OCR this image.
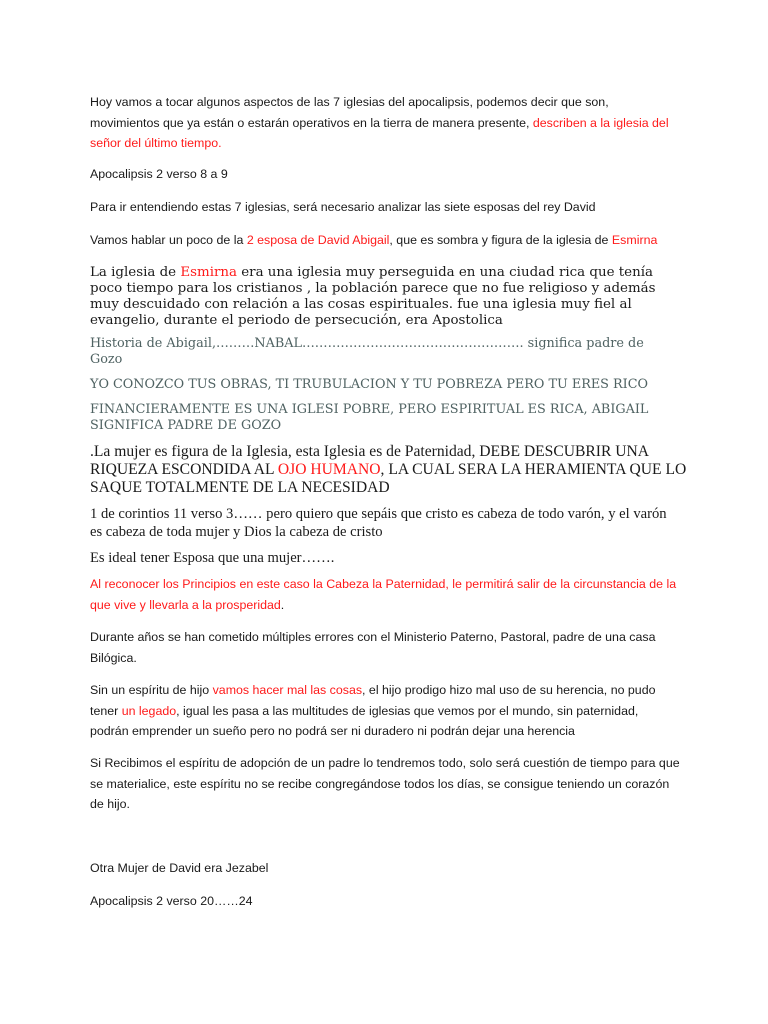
Hoy vamos a tocar algunos aspectos de las 7 iglesias del apocalipsis, podemos decir que son, movimientos que ya están o estarán operativos en la tierra de manera presente, describen a la iglesia del señor del último tiempo.

Apocalipsis 2 verso 8 a 9

Para ir entendiendo estas 7 iglesias, será necesario analizar las siete esposas del rey David

Vamos hablar un poco de la 2 esposa de David Abigail, que es sombra y figura de la iglesia de Esmirna

La iglesia de Esmirna era una iglesia muy perseguida en una ciudad rica que tenía poco tiempo para los cristianos , la población parece que no fue religioso y además muy descuidado con relación a las cosas espirituales. fue una iglesia muy fiel al evangelio, durante el periodo de persecución, era Apostolica

Historia de Abigail,………NABAL……………………………………………. significa padre de Gozo

YO CONOZCO TUS OBRAS, TI TRUBULACION Y TU POBREZA PERO TU ERES RICO

FINANCIERAMENTE ES UNA IGLESI POBRE, PERO ESPIRITUAL ES RICA, ABIGAIL SIGNIFICA PADRE DE GOZO

.La mujer es figura de la Iglesia, esta Iglesia es de Paternidad, DEBE DESCUBRIR UNA RIQUEZA ESCONDIDA AL OJO HUMANO, LA CUAL SERA LA HERAMIENTA QUE LO SAQUE TOTALMENTE DE LA NECESIDAD

1 de corintios 11 verso 3…… pero quiero que sepáis que cristo es cabeza de todo varón, y el varón es cabeza de toda mujer y Dios la cabeza de cristo

Es ideal tener Esposa que una mujer…….

Al reconocer los Principios en este caso la Cabeza la Paternidad, le permitirá salir de la circunstancia de la que vive y llevarla a la prosperidad.

Durante años se han cometido múltiples errores con el Ministerio Paterno, Pastoral, padre de una casa Bilógica.

Sin un espíritu de hijo vamos hacer mal las cosas, el hijo prodigo hizo mal uso de su herencia, no pudo tener un legado, igual les pasa a las multitudes de iglesias que vemos por el mundo, sin paternidad, podrán emprender un sueño pero no podrá ser ni duradero ni podrán dejar una herencia

Si Recibimos el espíritu de adopción de un padre lo tendremos todo, solo será cuestión de tiempo para que se materialice, este espíritu no se recibe congregándose todos los días, se consigue teniendo un corazón de hijo.

Otra Mujer de David era Jezabel

Apocalipsis 2 verso 20……24
